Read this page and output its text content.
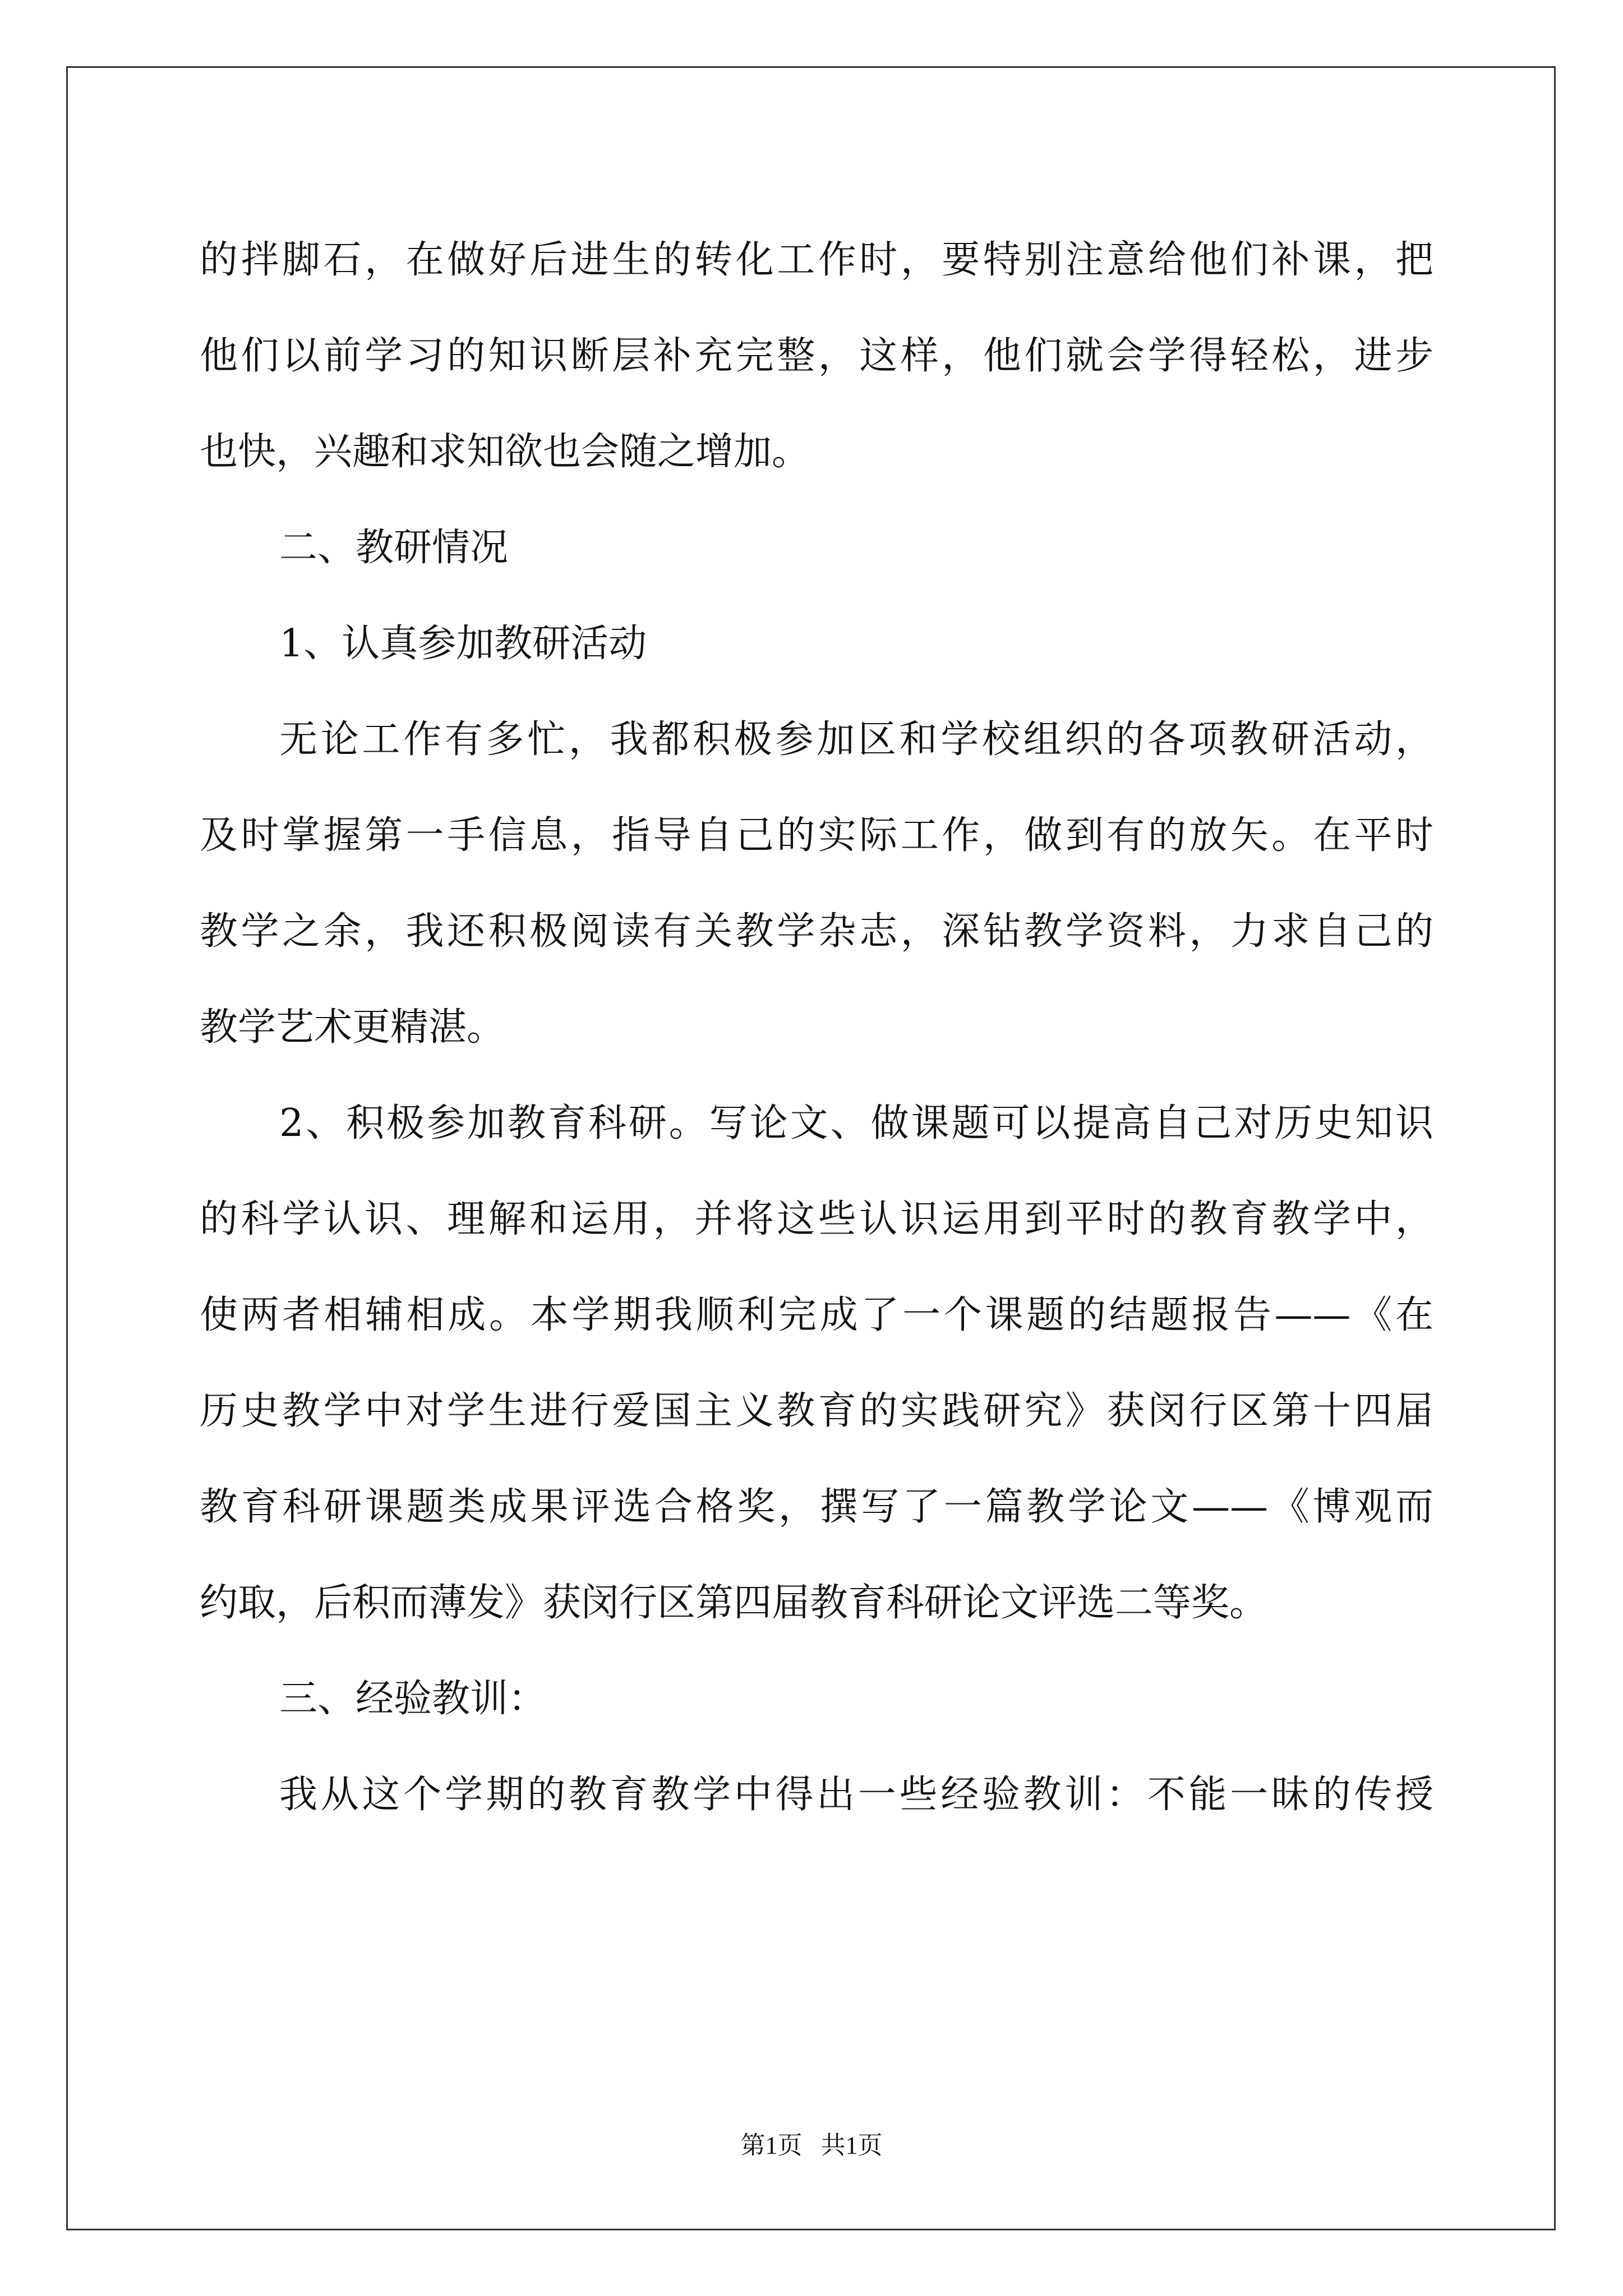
的拌脚石，在做好后进生的转化工作时，要特别注意给他们补课，把
他们以前学习的知识断层补充完整，这样，他们就会学得轻松，进步
也快，兴趣和求知欲也会随之增加。
二、教研情况
1、认真参加教研活动
无论工作有多忙，我都积极参加区和学校组织的各项教研活动，
及时掌握第一手信息，指导自己的实际工作，做到有的放矢。在平时
教学之余，我还积极阅读有关教学杂志，深钻教学资料，力求自己的
教学艺术更精湛。
2、积极参加教育科研。写论文、做课题可以提高自己对历史知识
的科学认识、理解和运用，并将这些认识运用到平时的教育教学中，
使两者相辅相成。本学期我顺利完成了一个课题的结题报告——《在
历史教学中对学生进行爱国主义教育的实践研究》获闵行区第十四届
教育科研课题类成果评选合格奖，撰写了一篇教学论文——《博观而
约取，后积而薄发》获闵行区第四届教育科研论文评选二等奖。
三、经验教训：
我从这个学期的教育教学中得出一些经验教训：不能一昧的传授
第1页   共1页
